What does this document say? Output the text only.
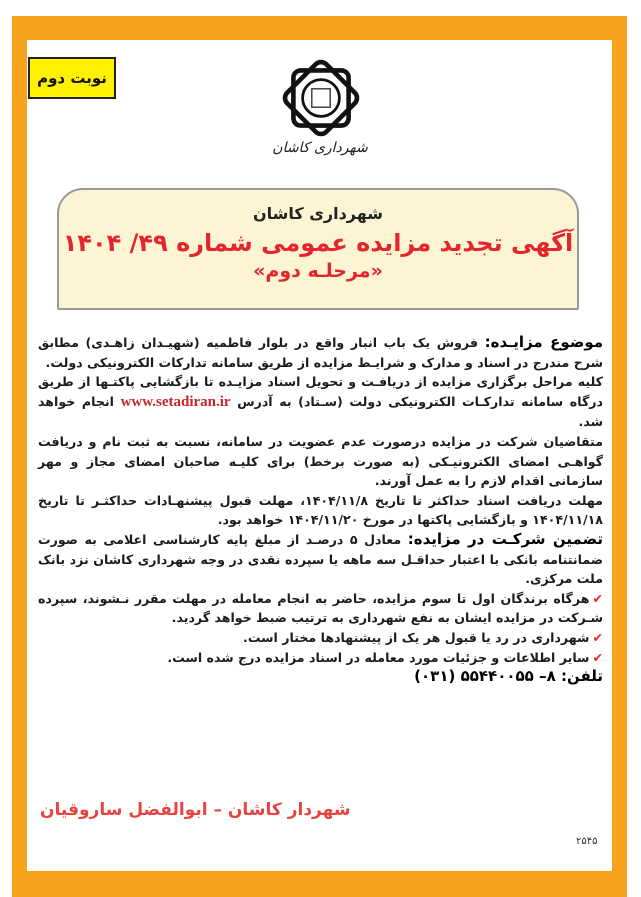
نوبت دوم
شهرداری کاشان
شهرداری کاشان
آگهی تجدید مزایده عمومی شماره ۴۹/ ۱۴۰۴
«مرحلـه دوم»

موضوع مزایـده: فروش یک باب انبار واقع در بلوار فاطمیه (شهیـدان زاهـدی) مطابق شرح مندرج در اسناد و مدارک و شرایـط مزایده از طریق سامانه تدارکات الکترونیکی دولت.

کلیه مراحل برگزاری مزایده از دریافـت و تحویل اسناد مزایـده تا بازگشایی پاکتـها از طریق درگاه سامانه تدارکـات الکترونیکی دولت (سـتاد) به آدرس www.setadiran.ir انجام خواهد شد.

متقاضیان شرکت در مزایده درصورت عدم عضویت در سامانه، نسبت به ثبت نام و دریافت گواهـی امضای الکترونیـکی (به صورت برخط) برای کلیـه صاحبان امضای مجاز و مهر سازمانی اقدام لازم را به عمل آورند.

مهلت دریافت اسناد حداکثر تا تاریخ ۱۴۰۴/۱۱/۸، مهلت قبول پیشنهـادات حداکثـر تا تاریخ ۱۴۰۴/۱۱/۱۸ و بازگشایی پاکتها در مورخ ۱۴۰۴/۱۱/۲۰ خواهد بود.

تضمین شرکـت در مزایده: معادل ۵ درصـد از مبلغ پایه کارشناسی اعلامی به صورت ضمانتنامه بانکی با اعتبار حداقـل سه ماهه یا سپرده نقدی در وجه شهرداری کاشان نزد بانک ملت مرکزی.

✔هرگاه برندگان اول تا سوم مزایده، حاضر به انجام معامله در مهلت مقرر نـشوند، سپرده شـرکت در مزایده ایشان به نفع شهرداری به ترتیب ضبط خواهد گردید.

✔شهرداری در رد یا قبول هر یک از پیشنهادها مختار است.

✔سایر اطلاعات و جزئیات مورد معامله در اسناد مزایده درج شده است.

تلفن: ۸– ۵۵۴۴۰۰۵۵ (۰۳۱)

شهردار کاشان – ابوالفضل ساروقیان
۲۵۴۵
